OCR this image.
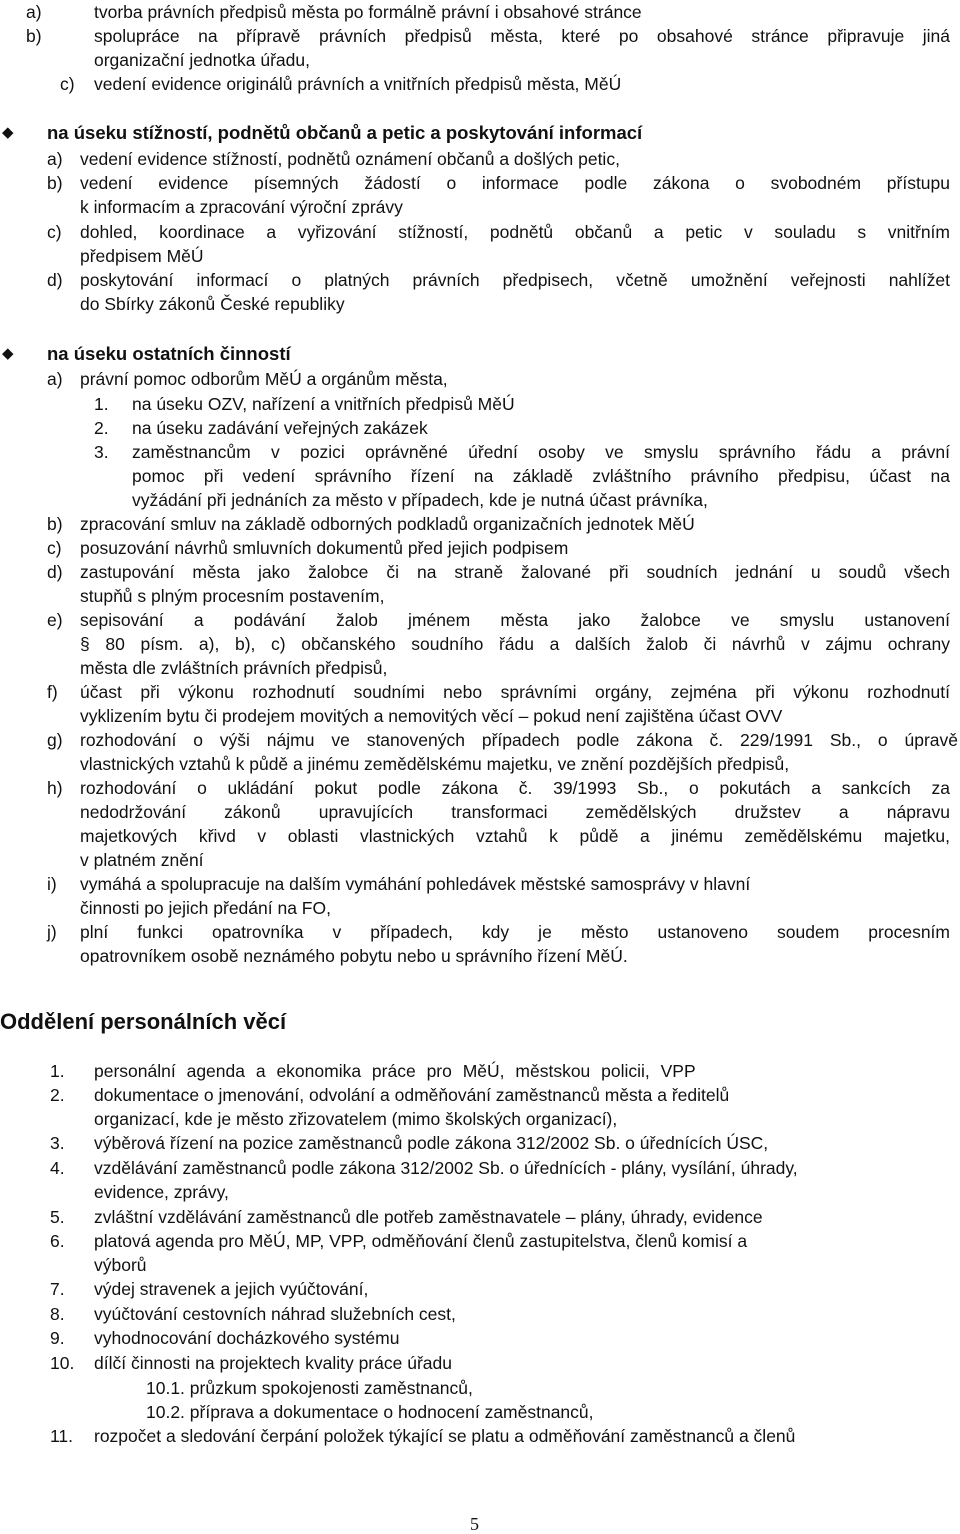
a)	tvorba právních předpisů města po formálně právní i obsahové stránce
b)	spolupráce na přípravě právních předpisů města, které po obsahové stránce připravuje jiná
organizační jednotka úřadu,
c) vedení evidence originálů právních a vnitřních předpisů města, MěÚ
◆ na úseku stížností, podnětů občanů a petic a poskytování informací
a) vedení evidence stížností, podnětů oznámení občanů a došlých petic,
b) vedení evidence písemných žádostí o informace podle zákona o svobodném přístupu
k informacím a zpracování výroční zprávy
c) dohled, koordinace a vyřizování stížností, podnětů občanů a petic v souladu s vnitřním
předpisem MěÚ
d) poskytování informací o platných právních předpisech, včetně umožnění veřejnosti nahlížet
do Sbírky zákonů České republiky
◆ na úseku ostatních činností
a) právní pomoc odborům MěÚ a orgánům města,
1. na úseku OZV, nařízení a vnitřních předpisů MěÚ
2. na úseku zadávání veřejných zakázek
3. zaměstnancům v pozici oprávněné úřední osoby ve smyslu správního řádu a právní
pomoc při vedení správního řízení na základě zvláštního právního předpisu, účast na
vyžádání při jednáních za město v případech, kde je nutná účast právníka,
b) zpracování smluv na základě odborných podkladů organizačních jednotek MěÚ
c) posuzování návrhů smluvních dokumentů před jejich podpisem
d) zastupování města jako žalobce či na straně žalované při soudních jednání u soudů všech
stupňů s plným procesním postavením,
e) sepisování a podávání žalob jménem města jako žalobce ve smyslu ustanovení
§ 80 písm. a), b), c) občanského soudního řádu a dalších žalob či návrhů v zájmu ochrany
města dle zvláštních právních předpisů,
f) účast při výkonu rozhodnutí soudními nebo správními orgány, zejména při výkonu rozhodnutí
vyklizením bytu či prodejem movitých a nemovitých věcí – pokud není zajištěna účast OVV
g) rozhodování o výši nájmu ve stanovených případech podle zákona č. 229/1991 Sb., o úpravě
vlastnických vztahů k půdě a jinému zemědělskému majetku, ve znění pozdějších předpisů,
h) rozhodování o ukládání pokut podle zákona č. 39/1993 Sb., o pokutách a sankcích za
nedodržování zákonů upravujících transformaci zemědělských družstev a nápravu
majetkových křivd v oblasti vlastnických vztahů k půdě a jinému zemědělskému majetku,
v platném znění
i) vymáhá a spolupracuje na dalším vymáhání pohledávek městské samosprávy v hlavní
činnosti po jejich předání na FO,
j) plní funkci opatrovníka v případech, kdy je město ustanoveno soudem procesním
opatrovníkem osobě neznámého pobytu nebo u správního řízení MěÚ.
Oddělení personálních věcí
1. personální agenda a ekonomika práce pro MěÚ, městskou policii, VPP
2. dokumentace o jmenování, odvolání a odměňování zaměstnanců města a ředitelů
organizací, kde je město zřizovatelem (mimo školských organizací),
3. výběrová řízení na pozice zaměstnanců podle zákona 312/2002 Sb. o úřednících ÚSC,
4. vzdělávání zaměstnanců podle zákona 312/2002 Sb. o úřednících - plány, vysílání, úhrady,
evidence, zprávy,
5. zvláštní vzdělávání zaměstnanců dle potřeb zaměstnavatele – plány, úhrady, evidence
6. platová agenda pro MěÚ, MP, VPP, odměňování členů zastupitelstva, členů komisí a
výborů
7. výdej stravenek a jejich vyúčtování,
8. vyúčtování cestovních náhrad služebních cest,
9. vyhodnocování docházkového systému
10. dílčí činnosti na projektech kvality práce úřadu
10.1. průzkum spokojenosti zaměstnanců,
10.2. příprava a dokumentace o hodnocení zaměstnanců,
11. rozpočet a sledování čerpání položek týkající se platu a odměňování zaměstnanců a členů
5
